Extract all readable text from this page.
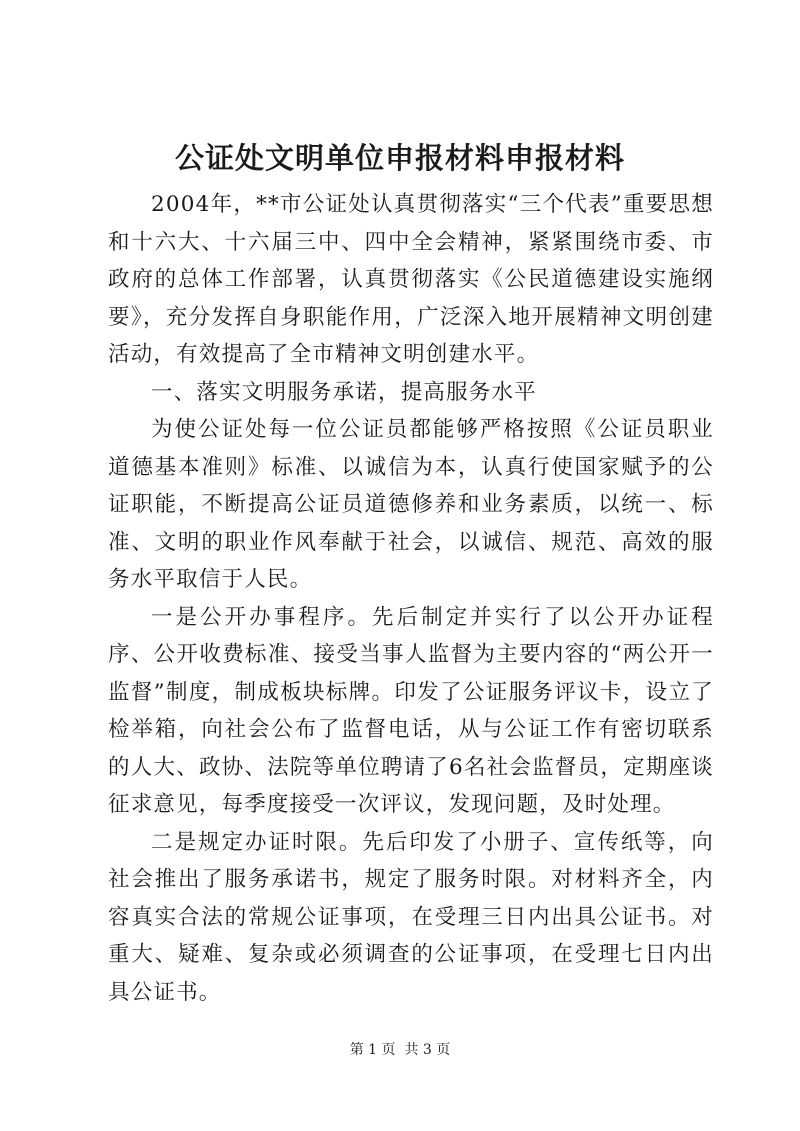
公证处文明单位申报材料申报材料

2004年，**市公证处认真贯彻落实“三个代表”重要思想和十六大、十六届三中、四中全会精神，紧紧围绕市委、市政府的总体工作部署，认真贯彻落实《公民道德建设实施纲要》，充分发挥自身职能作用，广泛深入地开展精神文明创建活动，有效提高了全市精神文明创建水平。

一、落实文明服务承诺，提高服务水平

为使公证处每一位公证员都能够严格按照《公证员职业道德基本准则》标准、以诚信为本，认真行使国家赋予的公证职能，不断提高公证员道德修养和业务素质，以统一、标准、文明的职业作风奉献于社会，以诚信、规范、高效的服务水平取信于人民。

一是公开办事程序。先后制定并实行了以公开办证程序、公开收费标准、接受当事人监督为主要内容的“两公开一监督”制度，制成板块标牌。印发了公证服务评议卡，设立了检举箱，向社会公布了监督电话，从与公证工作有密切联系的人大、政协、法院等单位聘请了6名社会监督员，定期座谈征求意见，每季度接受一次评议，发现问题，及时处理。

二是规定办证时限。先后印发了小册子、宣传纸等，向社会推出了服务承诺书，规定了服务时限。对材料齐全，内容真实合法的常规公证事项，在受理三日内出具公证书。对重大、疑难、复杂或必须调查的公证事项，在受理七日内出具公证书。

第 1 页  共 3 页
